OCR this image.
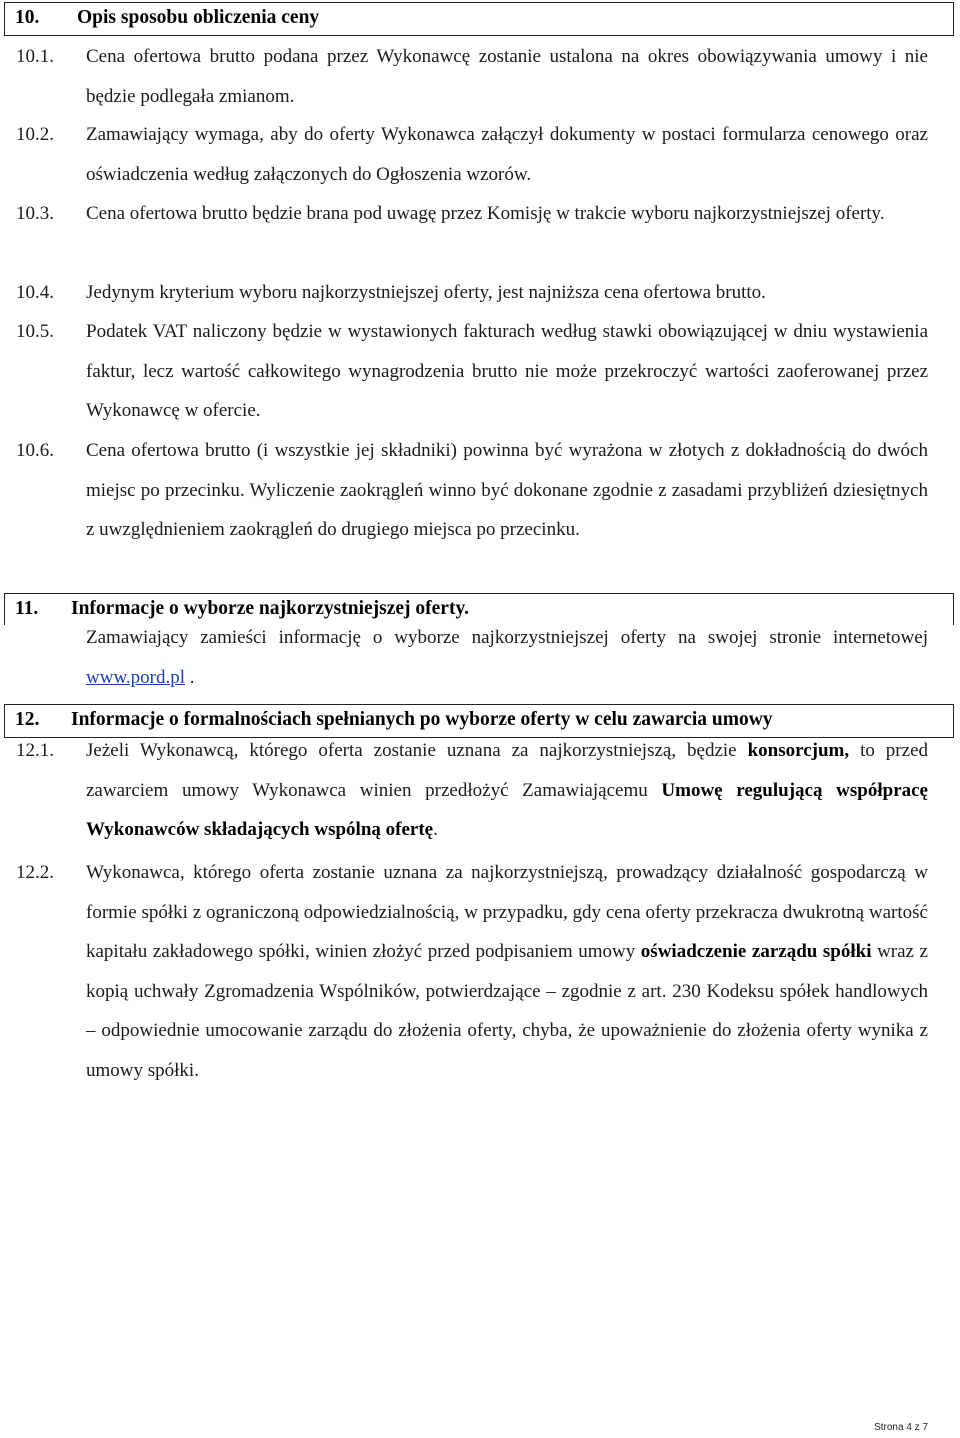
10. Opis sposobu obliczenia ceny
10.1.	Cena ofertowa brutto podana przez Wykonawcę zostanie ustalona na okres obowiązywania umowy i nie będzie podlegała zmianom.
10.2.	Zamawiający wymaga, aby do oferty Wykonawca załączył dokumenty w postaci formularza cenowego oraz oświadczenia według załączonych do Ogłoszenia wzorów.
10.3.	Cena ofertowa brutto będzie brana pod uwagę przez Komisję w trakcie wyboru najkorzystniejszej oferty.
10.4.	Jedynym kryterium wyboru najkorzystniejszej oferty, jest najniższa cena ofertowa brutto.
10.5.	Podatek VAT naliczony będzie w wystawionych fakturach według stawki obowiązującej w dniu wystawienia faktur, lecz wartość całkowitego wynagrodzenia brutto nie może przekroczyć wartości zaoferowanej przez Wykonawcę w ofercie.
10.6.	Cena ofertowa brutto (i wszystkie jej składniki) powinna być wyrażona w złotych z dokładnością do dwóch miejsc po przecinku. Wyliczenie zaokrągleń winno być dokonane zgodnie z zasadami przybliżeń dziesiętnych z uwzględnieniem zaokrągleń do drugiego miejsca po przecinku.
11. Informacje o wyborze najkorzystniejszej oferty.
Zamawiający zamieści informację o wyborze najkorzystniejszej oferty na swojej stronie internetowej www.pord.pl .
12. Informacje o formalnościach spełnianych po wyborze oferty w celu zawarcia umowy
12.1.	Jeżeli Wykonawcą, którego oferta zostanie uznana za najkorzystniejszą, będzie konsorcjum, to przed zawarciem umowy Wykonawca winien przedłożyć Zamawiającemu Umowę regulującą współpracę Wykonawców składających wspólną ofertę.
12.2.	Wykonawca, którego oferta zostanie uznana za najkorzystniejszą, prowadzący działalność gospodarczą w formie spółki z ograniczoną odpowiedzialnością, w przypadku, gdy cena oferty przekracza dwukrotną wartość kapitału zakładowego spółki, winien złożyć przed podpisaniem umowy oświadczenie zarządu spółki wraz z kopią uchwały Zgromadzenia Wspólników, potwierdzające – zgodnie z art. 230 Kodeksu spółek handlowych – odpowiednie umocowanie zarządu do złożenia oferty, chyba, że upoważnienie do złożenia oferty wynika z umowy spółki.
Strona 4 z 7
